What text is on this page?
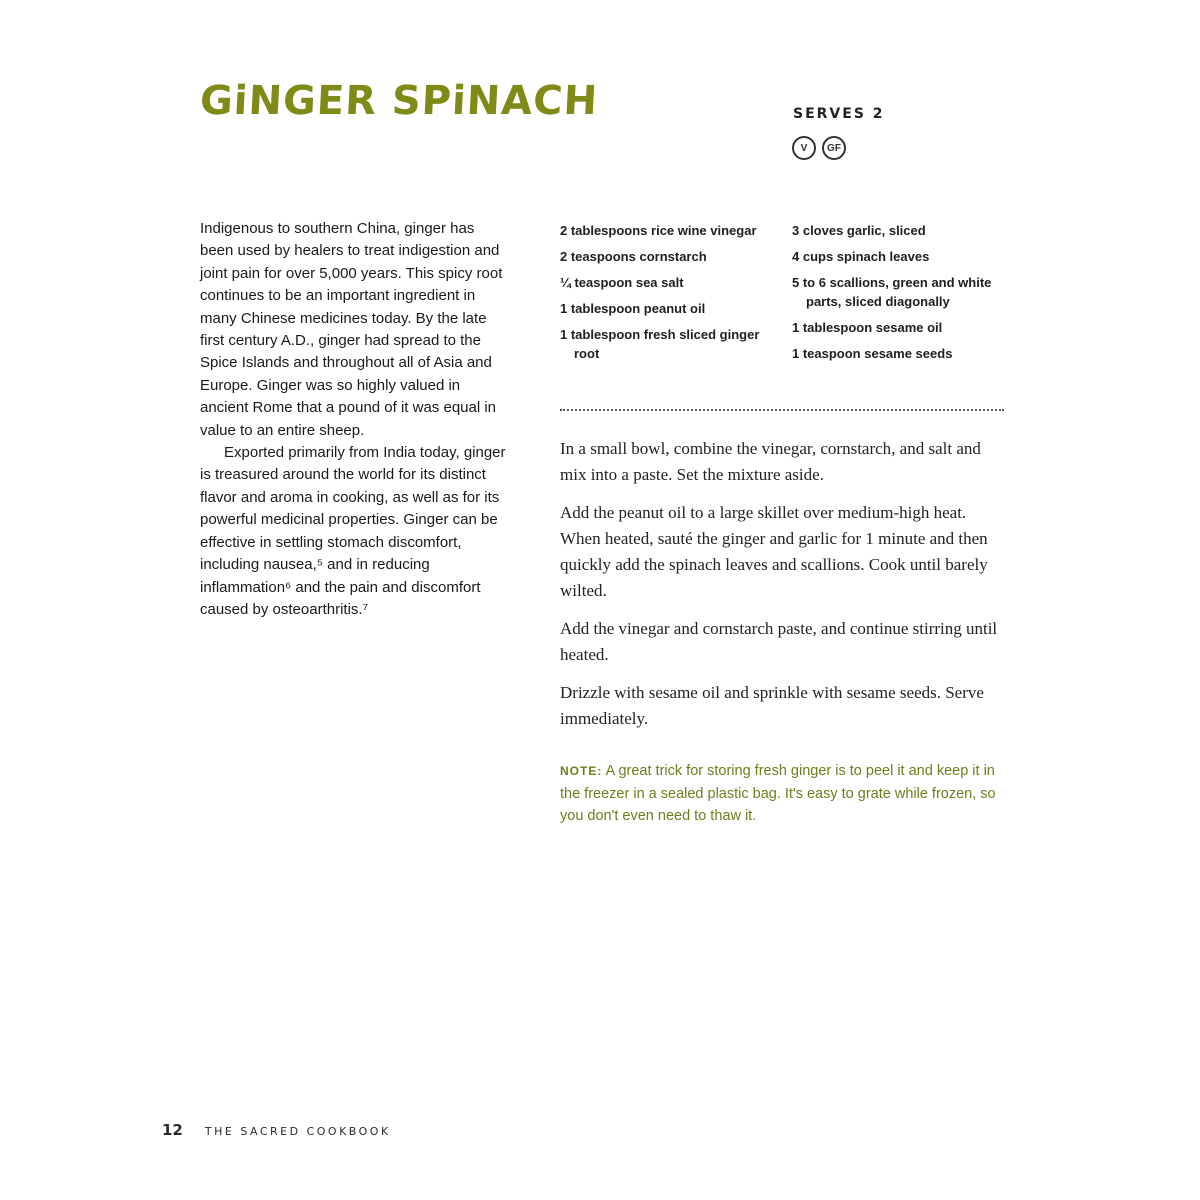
GiNGER SPiNACH	SERVES 2
V	GF

Indigenous to southern China, ginger has been used by healers to treat indigestion and joint pain for over 5,000 years. This spicy root continues to be an important ingredient in many Chinese medicines today. By the late first century A.D., ginger had spread to the Spice Islands and throughout all of Asia and Europe. Ginger was so highly valued in ancient Rome that a pound of it was equal in value to an entire sheep.

Exported primarily from India today, ginger is treasured around the world for its distinct flavor and aroma in cooking, as well as for its powerful medicinal properties. Ginger can be effective in settling stomach discomfort, including nausea,⁵ and in reducing inflammation⁶ and the pain and discomfort caused by osteoarthritis.⁷

2 tablespoons rice wine vinegar
2 teaspoons cornstarch
¼ teaspoon sea salt
1 tablespoon peanut oil
1 tablespoon fresh sliced ginger root
3 cloves garlic, sliced
4 cups spinach leaves
5 to 6 scallions, green and white parts, sliced diagonally
1 tablespoon sesame oil
1 teaspoon sesame seeds

In a small bowl, combine the vinegar, cornstarch, and salt and mix into a paste. Set the mixture aside.

Add the peanut oil to a large skillet over medium-high heat. When heated, sauté the ginger and garlic for 1 minute and then quickly add the spinach leaves and scallions. Cook until barely wilted.

Add the vinegar and cornstarch paste, and continue stirring until heated.

Drizzle with sesame oil and sprinkle with sesame seeds. Serve immediately.

NOTE: A great trick for storing fresh ginger is to peel it and keep it in the freezer in a sealed plastic bag. It's easy to grate while frozen, so you don't even need to thaw it.

12 THE SACRED COOKBOOK
